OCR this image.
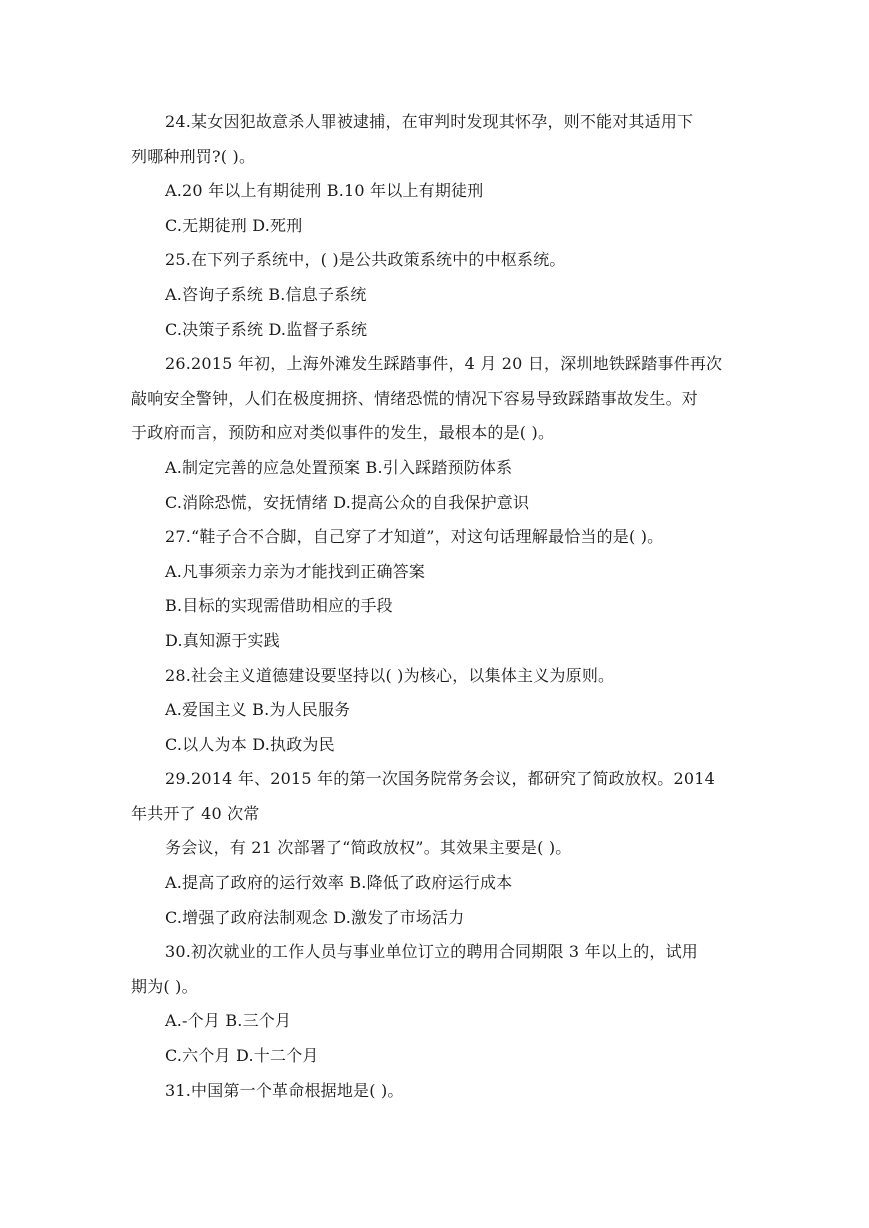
24.某女因犯故意杀人罪被逮捕，在审判时发现其怀孕，则不能对其适用下
列哪种刑罚?( )。
A.20 年以上有期徒刑 B.10 年以上有期徒刑
C.无期徒刑 D.死刑
25.在下列子系统中，( )是公共政策系统中的中枢系统。
A.咨询子系统 B.信息子系统
C.决策子系统 D.监督子系统
26.2015 年初，上海外滩发生踩踏事件，4 月 20 日，深圳地铁踩踏事件再次
敲响安全警钟，人们在极度拥挤、情绪恐慌的情况下容易导致踩踏事故发生。对
于政府而言，预防和应对类似事件的发生，最根本的是( )。
A.制定完善的应急处置预案 B.引入踩踏预防体系
C.消除恐慌，安抚情绪 D.提高公众的自我保护意识
27.“鞋子合不合脚，自己穿了才知道”，对这句话理解最恰当的是( )。
A.凡事须亲力亲为才能找到正确答案
B.目标的实现需借助相应的手段
D.真知源于实践
28.社会主义道德建设要坚持以( )为核心，以集体主义为原则。
A.爱国主义 B.为人民服务
C.以人为本 D.执政为民
29.2014 年、2015 年的第一次国务院常务会议，都研究了简政放权。2014
年共开了 40 次常
务会议，有 21 次部署了“简政放权”。其效果主要是( )。
A.提高了政府的运行效率 B.降低了政府运行成本
C.增强了政府法制观念 D.激发了市场活力
30.初次就业的工作人员与事业单位订立的聘用合同期限 3 年以上的，试用
期为( )。
A.-个月 B.三个月
C.六个月 D.十二个月
31.中国第一个革命根据地是( )。
